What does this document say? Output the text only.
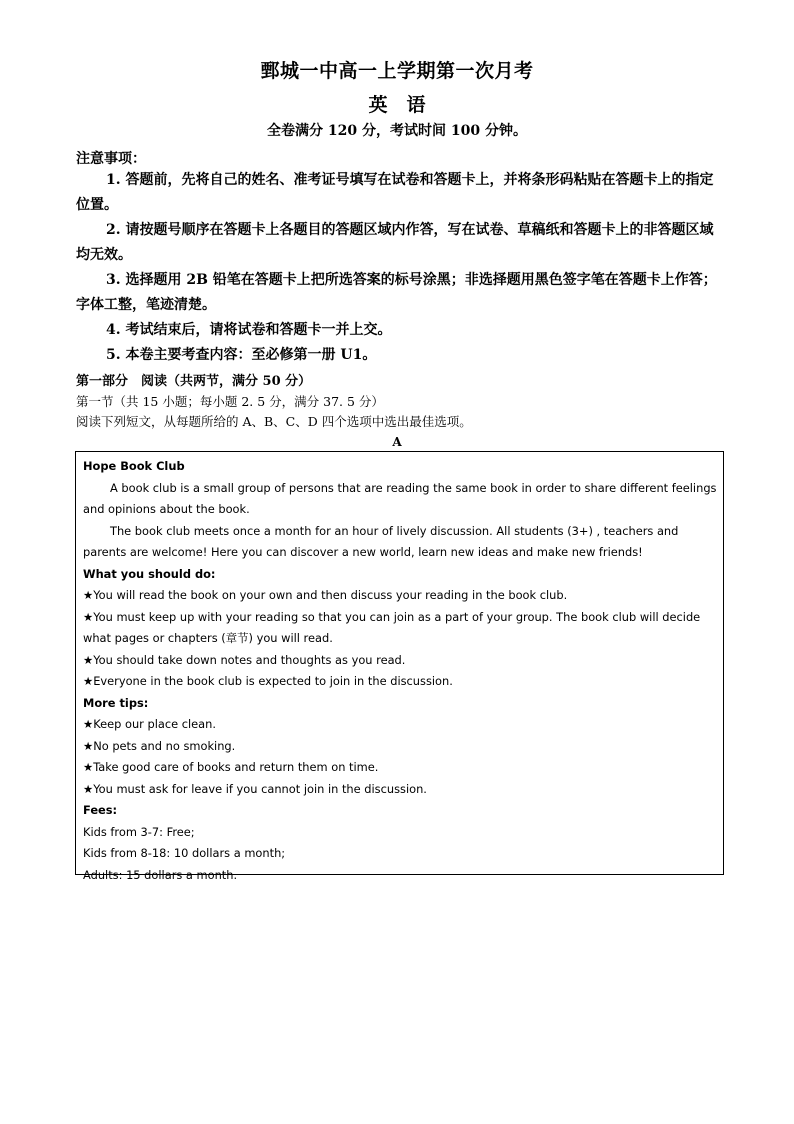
鄄城一中高一上学期第一次月考
英　语
全卷满分 120 分，考试时间 100 分钟。
注意事项：

1. 答题前，先将自己的姓名、准考证号填写在试卷和答题卡上，并将条形码粘贴在答题卡上的指定位置。

2. 请按题号顺序在答题卡上各题目的答题区域内作答，写在试卷、草稿纸和答题卡上的非答题区域均无效。

3. 选择题用 2B 铅笔在答题卡上把所选答案的标号涂黑；非选择题用黑色签字笔在答题卡上作答；字体工整，笔迹清楚。

4. 考试结束后，请将试卷和答题卡一并上交。

5. 本卷主要考查内容：至必修第一册 U1。

第一部分　阅读（共两节，满分 50 分）
第一节（共 15 小题；每小题 2. 5 分，满分 37. 5 分）
阅读下列短文，从每题所给的 A、B、C、D 四个选项中选出最佳选项。
A

Hope Book Club

A book club is a small group of persons that are reading the same book in order to share different feelings and opinions about the book.

The book club meets once a month for an hour of lively discussion. All students (3+) , teachers and parents are welcome! Here you can discover a new world, learn new ideas and make new friends!

What you should do:

★You will read the book on your own and then discuss your reading in the book club.

★You must keep up with your reading so that you can join as a part of your group. The book club will decide what pages or chapters (章节) you will read.

★You should take down notes and thoughts as you read.

★Everyone in the book club is expected to join in the discussion.

More tips:

★Keep our place clean.

★No pets and no smoking.

★Take good care of books and return them on time.

★You must ask for leave if you cannot join in the discussion.

Fees:

Kids from 3-7: Free;

Kids from 8-18: 10 dollars a month;

Adults: 15 dollars a month.
